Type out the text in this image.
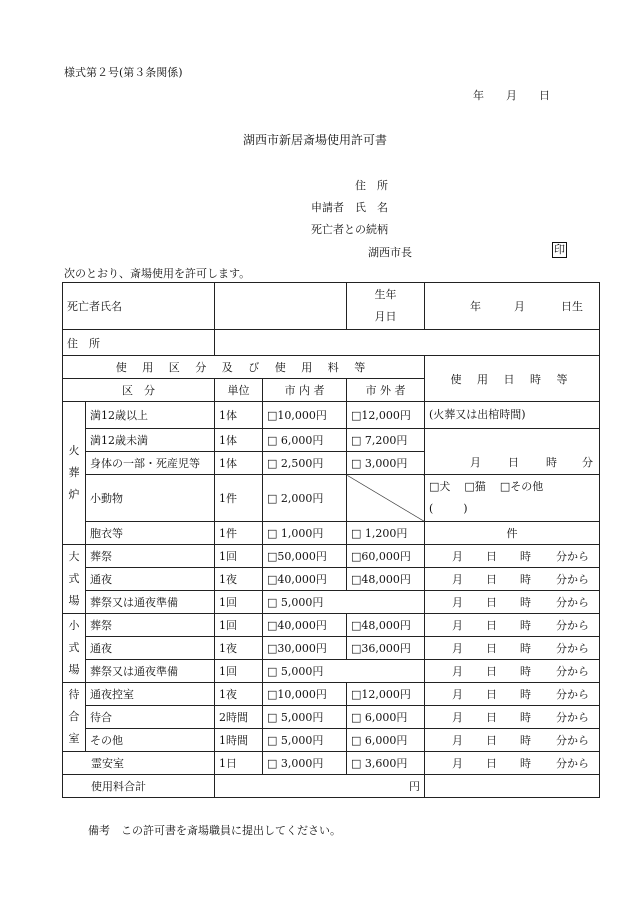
様式第２号(第３条関係)
年 月 日
湖西市新居斎場使用許可書
住　所
申請者　氏　名
死亡者との続柄
湖西市長	印
次のとおり、斎場使用を許可します。
死亡者氏名				生年
月日	年 月 日生
住　所					
使 用 区 分 及 び 使 用 料 等					使 用 日 時 等
区　分		単位	市 内 者	市 外 者	
火
葬
炉	満12歳以上	1体	□ 10,000円	□ 12,000円	(火葬又は出棺時間)
	満12歳未満	1体	□ 6,000円	□ 7,200円	月 日 時 分
	身体の一部・死産児等	1体	□ 2,500円	□ 3,000円
	小動物	1件	□ 2,000円		□犬 □猫 □その他
( )
	胞衣等	1件	□ 1,000円	□ 1,200円	件
大
式
場	葬祭	1回	□ 50,000円	□ 60,000円	月 日 時 分から
	通夜	1夜	□ 40,000円	□ 48,000円	月 日 時 分から
	葬祭又は通夜準備	1回	□ 5,000円		月 日 時 分から
小
式
場	葬祭	1回	□ 40,000円	□ 48,000円	月 日 時 分から
	通夜	1夜	□ 30,000円	□ 36,000円	月 日 時 分から
	葬祭又は通夜準備	1回	□ 5,000円		月 日 時 分から
待
合
室	通夜控室	1夜	□ 10,000円	□ 12,000円	月 日 時 分から
	待合	2時間	□ 5,000円	□ 6,000円	月 日 時 分から
	その他	1時間	□ 5,000円	□ 6,000円	月 日 時 分から
霊安室		1日	□ 3,000円	□ 3,600円	月 日 時 分から
使用料合計		円			
備考　この許可書を斎場職員に提出してください。
